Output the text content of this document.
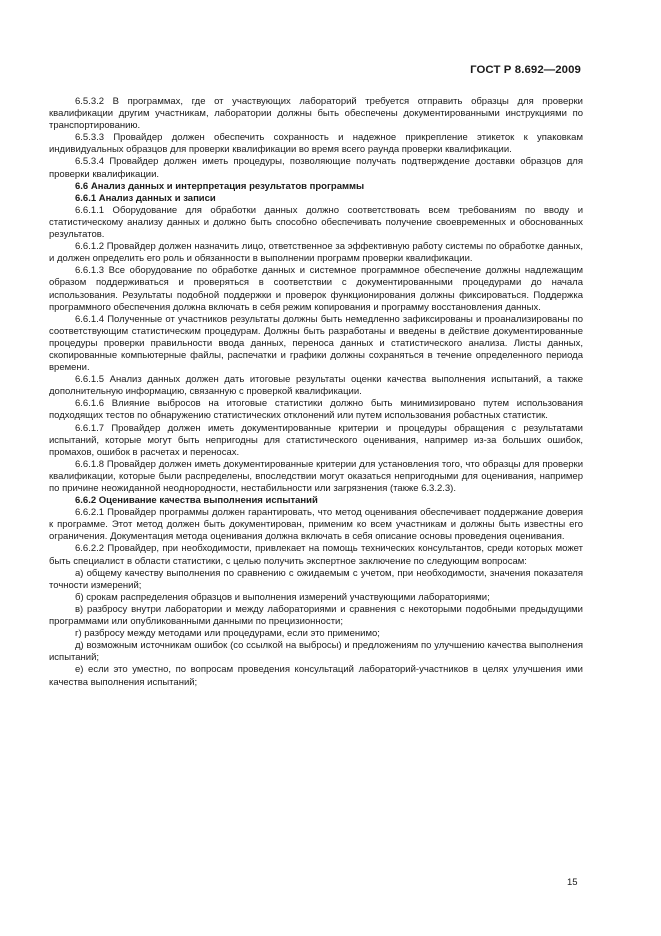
ГОСТ Р 8.692—2009

6.5.3.2 В программах, где от участвующих лабораторий требуется отправить образцы для проверки квалификации другим участникам, лаборатории должны быть обеспечены документированными инструкциями по транспортированию.

6.5.3.3 Провайдер должен обеспечить сохранность и надежное прикрепление этикеток к упаковкам индивидуальных образцов для проверки квалификации во время всего раунда проверки квалификации.

6.5.3.4 Провайдер должен иметь процедуры, позволяющие получать подтверждение доставки образцов для проверки квалификации.

6.6 Анализ данных и интерпретация результатов программы

6.6.1 Анализ данных и записи

6.6.1.1 Оборудование для обработки данных должно соответствовать всем требованиям по вводу и статистическому анализу данных и должно быть способно обеспечивать получение своевременных и обоснованных результатов.

6.6.1.2 Провайдер должен назначить лицо, ответственное за эффективную работу системы по обработке данных, и должен определить его роль и обязанности в выполнении программ проверки квалификации.

6.6.1.3 Все оборудование по обработке данных и системное программное обеспечение должны надлежащим образом поддерживаться и проверяться в соответствии с документированными процедурами до начала использования. Результаты подобной поддержки и проверок функционирования должны фиксироваться. Поддержка программного обеспечения должна включать в себя режим копирования и программу восстановления данных.

6.6.1.4 Полученные от участников результаты должны быть немедленно зафиксированы и проанализированы по соответствующим статистическим процедурам. Должны быть разработаны и введены в действие документированные процедуры проверки правильности ввода данных, переноса данных и статистического анализа. Листы данных, скопированные компьютерные файлы, распечатки и графики должны сохраняться в течение определенного периода времени.

6.6.1.5 Анализ данных должен дать итоговые результаты оценки качества выполнения испытаний, а также дополнительную информацию, связанную с проверкой квалификации.

6.6.1.6 Влияние выбросов на итоговые статистики должно быть минимизировано путем использования подходящих тестов по обнаружению статистических отклонений или путем использования робастных статистик.

6.6.1.7 Провайдер должен иметь документированные критерии и процедуры обращения с результатами испытаний, которые могут быть непригодны для статистического оценивания, например из-за больших ошибок, промахов, ошибок в расчетах и переносах.

6.6.1.8 Провайдер должен иметь документированные критерии для установления того, что образцы для проверки квалификации, которые были распределены, впоследствии могут оказаться непригодными для оценивания, например по причине неожиданной неоднородности, нестабильности или загрязнения (также 6.3.2.3).

6.6.2 Оценивание качества выполнения испытаний

6.6.2.1 Провайдер программы должен гарантировать, что метод оценивания обеспечивает поддержание доверия к программе. Этот метод должен быть документирован, применим ко всем участникам и должны быть известны его ограничения. Документация метода оценивания должна включать в себя описание основы проведения оценивания.

6.6.2.2 Провайдер, при необходимости, привлекает на помощь технических консультантов, среди которых может быть специалист в области статистики, с целью получить экспертное заключение по следующим вопросам:

а) общему качеству выполнения по сравнению с ожидаемым с учетом, при необходимости, значения показателя точности измерений;

б) срокам распределения образцов и выполнения измерений участвующими лабораториями;

в) разбросу внутри лаборатории и между лабораториями и сравнения с некоторыми подобными предыдущими программами или опубликованными данными по прецизионности;

г) разбросу между методами или процедурами, если это применимо;

д) возможным источникам ошибок (со ссылкой на выбросы) и предложениям по улучшению качества выполнения испытаний;

е) если это уместно, по вопросам проведения консультаций лабораторий-участников в целях улучшения ими качества выполнения испытаний;

15
